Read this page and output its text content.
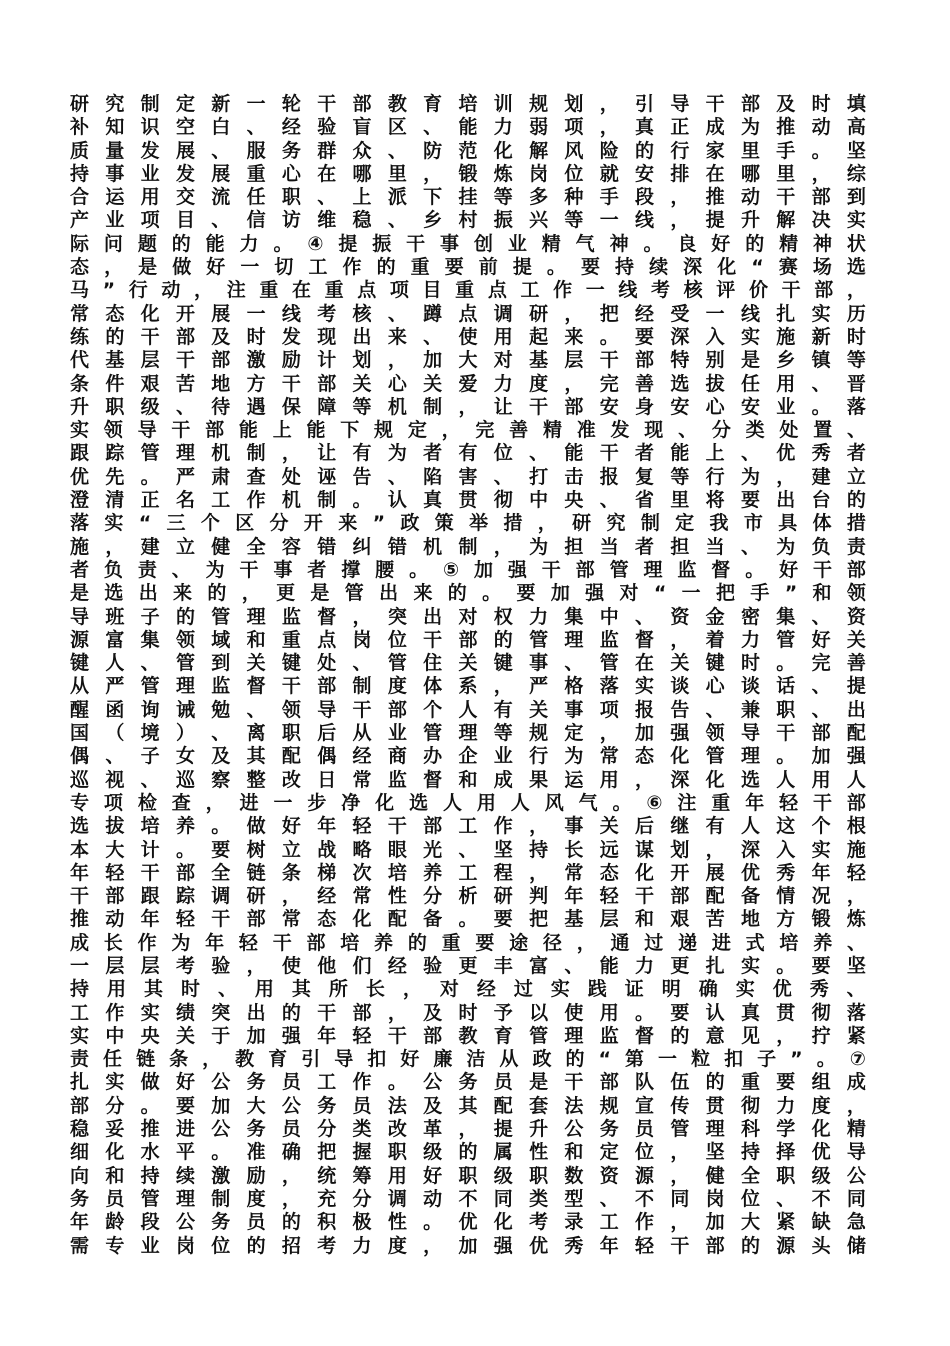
研 究 制 定 新 一 轮 干 部 教 育 培 训 规 划 ， 引 导 干 部 及 时 填
补 知 识 空 白 、 经 验 盲 区 、 能 力 弱 项 ， 真 正 成 为 推 动 高
质 量 发 展 、 服 务 群 众 、 防 范 化 解 风 险 的 行 家 里 手 。 坚
持 事 业 发 展 重 心 在 哪 里 ， 锻 炼 岗 位 就 安 排 在 哪 里 ， 综
合 运 用 交 流 任 职 、 上 派 下 挂 等 多 种 手 段 ， 推 动 干 部 到
产 业 项 目 、 信 访 维 稳 、 乡 村 振 兴 等 一 线 ， 提 升 解 决 实
际 问 题 的 能 力 。 ④ 提 振 干 事 创 业 精 气 神 。 良 好 的 精 神 状
态 ， 是 做 好 一 切 工 作 的 重 要 前 提 。 要 持 续 深 化 “ 赛 场 选
马 ” 行 动 ， 注 重 在 重 点 项 目 重 点 工 作 一 线 考 核 评 价 干 部 ，
常 态 化 开 展 一 线 考 核 、 蹲 点 调 研 ， 把 经 受 一 线 扎 实 历
练 的 干 部 及 时 发 现 出 来 、 使 用 起 来 。 要 深 入 实 施 新 时
代 基 层 干 部 激 励 计 划 ， 加 大 对 基 层 干 部 特 别 是 乡 镇 等
条 件 艰 苦 地 方 干 部 关 心 关 爱 力 度 ， 完 善 选 拔 任 用 、 晋
升 职 级 、 待 遇 保 障 等 机 制 ， 让 干 部 安 身 安 心 安 业 。 落
实 领 导 干 部 能 上 能 下 规 定 ， 完 善 精 准 发 现 、 分 类 处 置 、
跟 踪 管 理 机 制 ， 让 有 为 者 有 位 、 能 干 者 能 上 、 优 秀 者
优 先 。 严 肃 查 处 诬 告 、 陷 害 、 打 击 报 复 等 行 为 ， 建 立
澄 清 正 名 工 作 机 制 。 认 真 贯 彻 中 央 、 省 里 将 要 出 台 的
落 实 “ 三 个 区 分 开 来 ” 政 策 举 措 ， 研 究 制 定 我 市 具 体 措
施 ， 建 立 健 全 容 错 纠 错 机 制 ， 为 担 当 者 担 当 、 为 负 责
者 负 责 、 为 干 事 者 撑 腰 。 ⑤ 加 强 干 部 管 理 监 督 。 好 干 部
是 选 出 来 的 ， 更 是 管 出 来 的 。 要 加 强 对 “ 一 把 手 ” 和 领
导 班 子 的 管 理 监 督 ， 突 出 对 权 力 集 中 、 资 金 密 集 、 资
源 富 集 领 域 和 重 点 岗 位 干 部 的 管 理 监 督 ， 着 力 管 好 关
键 人 、 管 到 关 键 处 、 管 住 关 键 事 、 管 在 关 键 时 。 完 善
从 严 管 理 监 督 干 部 制 度 体 系 ， 严 格 落 实 谈 心 谈 话 、 提
醒 函 询 诫 勉 、 领 导 干 部 个 人 有 关 事 项 报 告 、 兼 职 、 出
国 （ 境 ） 、 离 职 后 从 业 管 理 等 规 定 ， 加 强 领 导 干 部 配
偶 、 子 女 及 其 配 偶 经 商 办 企 业 行 为 常 态 化 管 理 。 加 强
巡 视 、 巡 察 整 改 日 常 监 督 和 成 果 运 用 ， 深 化 选 人 用 人
专 项 检 查 ， 进 一 步 净 化 选 人 用 人 风 气 。 ⑥ 注 重 年 轻 干 部
选 拔 培 养 。 做 好 年 轻 干 部 工 作 ， 事 关 后 继 有 人 这 个 根
本 大 计 。 要 树 立 战 略 眼 光 、 坚 持 长 远 谋 划 ， 深 入 实 施
年 轻 干 部 全 链 条 梯 次 培 养 工 程 ， 常 态 化 开 展 优 秀 年 轻
干 部 跟 踪 调 研 ， 经 常 性 分 析 研 判 年 轻 干 部 配 备 情 况 ，
推 动 年 轻 干 部 常 态 化 配 备 。 要 把 基 层 和 艰 苦 地 方 锻 炼
成 长 作 为 年 轻 干 部 培 养 的 重 要 途 径 ， 通 过 递 进 式 培 养 、
一 层 层 考 验 ， 使 他 们 经 验 更 丰 富 、 能 力 更 扎 实 。 要 坚
持 用 其 时 、 用 其 所 长 ， 对 经 过 实 践 证 明 确 实 优 秀 、
工 作 实 绩 突 出 的 干 部 ， 及 时 予 以 使 用 。 要 认 真 贯 彻 落
实 中 央 关 于 加 强 年 轻 干 部 教 育 管 理 监 督 的 意 见 ， 拧 紧
责 任 链 条 ， 教 育 引 导 扣 好 廉 洁 从 政 的 “ 第 一 粒 扣 子 ” 。 ⑦
扎 实 做 好 公 务 员 工 作 。 公 务 员 是 干 部 队 伍 的 重 要 组 成
部 分 。 要 加 大 公 务 员 法 及 其 配 套 法 规 宣 传 贯 彻 力 度 ，
稳 妥 推 进 公 务 员 分 类 改 革 ， 提 升 公 务 员 管 理 科 学 化 精
细 化 水 平 。 准 确 把 握 职 级 的 属 性 和 定 位 ， 坚 持 择 优 导
向 和 持 续 激 励 ， 统 筹 用 好 职 级 职 数 资 源 ， 健 全 职 级 公
务 员 管 理 制 度 ， 充 分 调 动 不 同 类 型 、 不 同 岗 位 、 不 同
年 龄 段 公 务 员 的 积 极 性 。 优 化 考 录 工 作 ， 加 大 紧 缺 急
需 专 业 岗 位 的 招 考 力 度 ， 加 强 优 秀 年 轻 干 部 的 源 头 储
